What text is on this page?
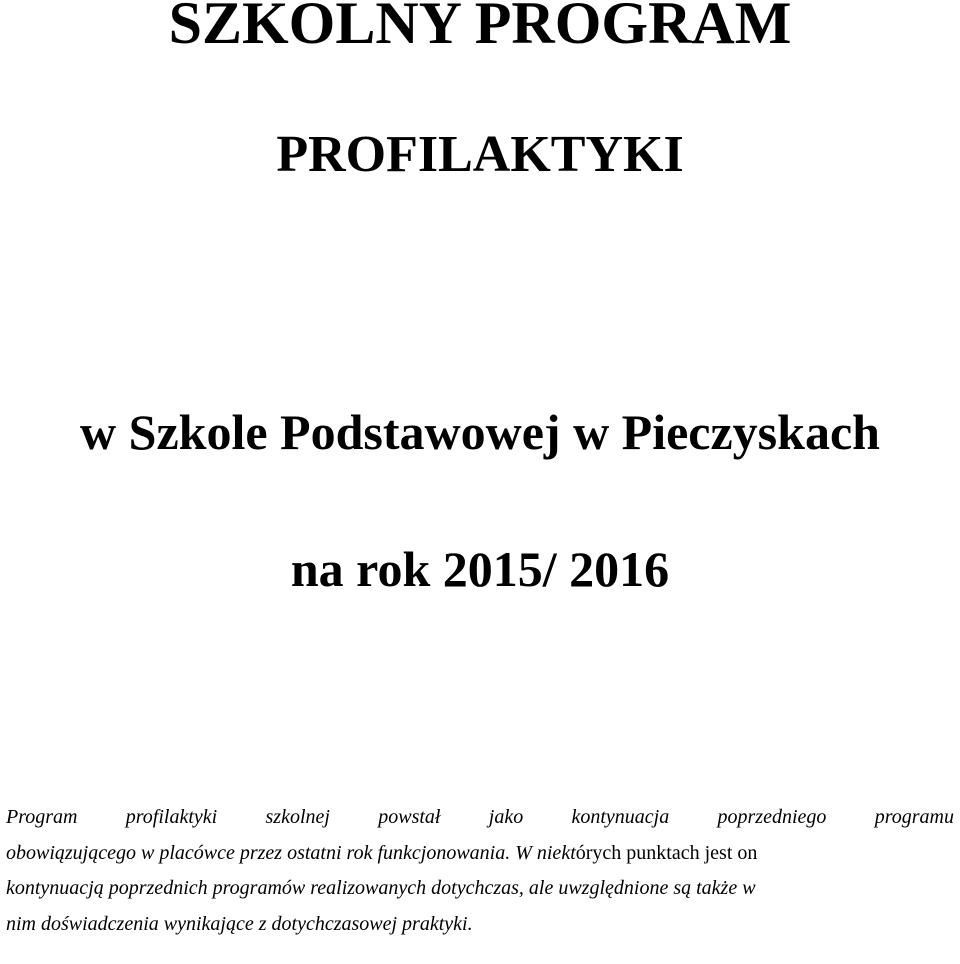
SZKOLNY PROGRAM
PROFILAKTYKI
w Szkole Podstawowej w Pieczyskach
na rok 2015/ 2016
Program profilaktyki szkolnej powstał jako kontynuacja poprzedniego programu
obowiązującego w placówce przez ostatni rok funkcjonowania. W niektórych punktach jest on
kontynuacją poprzednich programów realizowanych dotychczas, ale uwzględnione są także w
nim doświadczenia wynikające z dotychczasowej praktyki.
